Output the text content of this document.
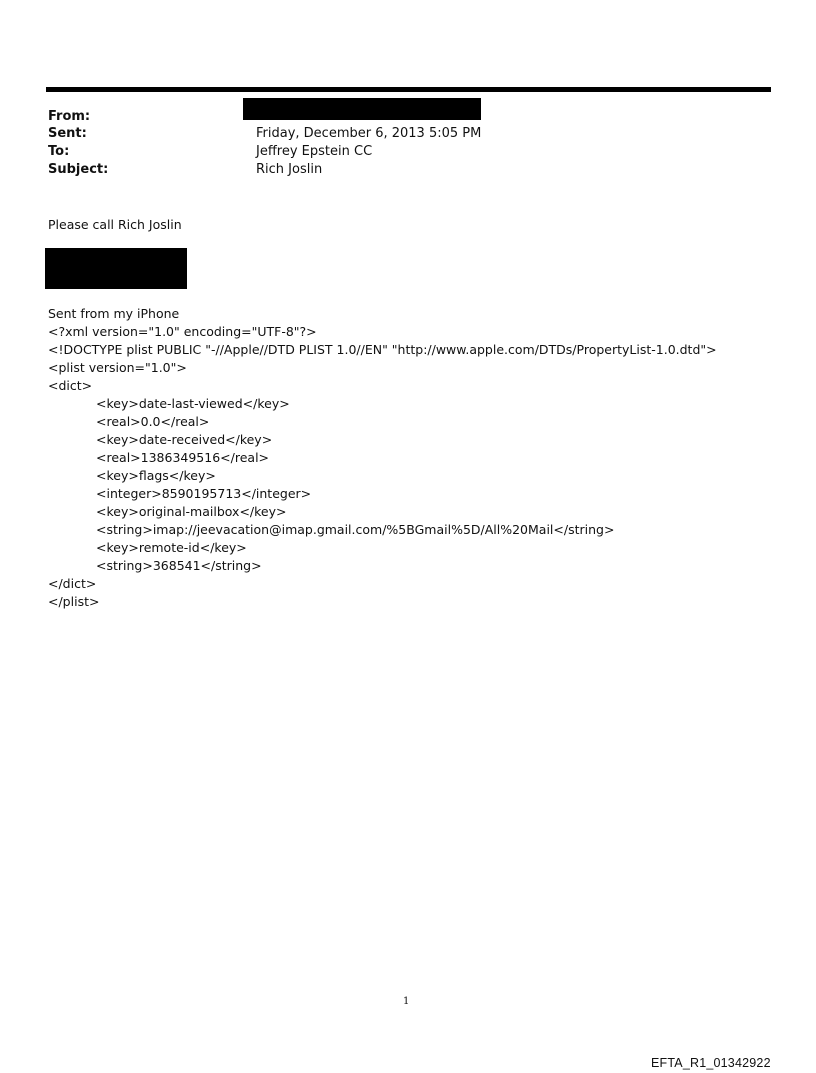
From:
Sent:	Friday, December 6, 2013 5:05 PM
To:	Jeffrey Epstein CC
Subject:	Rich Joslin
Please call Rich Joslin
Sent from my iPhone
<?xml version="1.0" encoding="UTF-8"?>
<!DOCTYPE plist PUBLIC "-//Apple//DTD PLIST 1.0//EN" "http://www.apple.com/DTDs/PropertyList-1.0.dtd">
<plist version="1.0">
<dict>
<key>date-last-viewed</key>
<real>0.0</real>
<key>date-received</key>
<real>1386349516</real>
<key>flags</key>
<integer>8590195713</integer>
<key>original-mailbox</key>
<string>imap://jeevacation@imap.gmail.com/%5BGmail%5D/All%20Mail</string>
<key>remote-id</key>
<string>368541</string>
</dict>
</plist>
1
EFTA_R1_01342922
